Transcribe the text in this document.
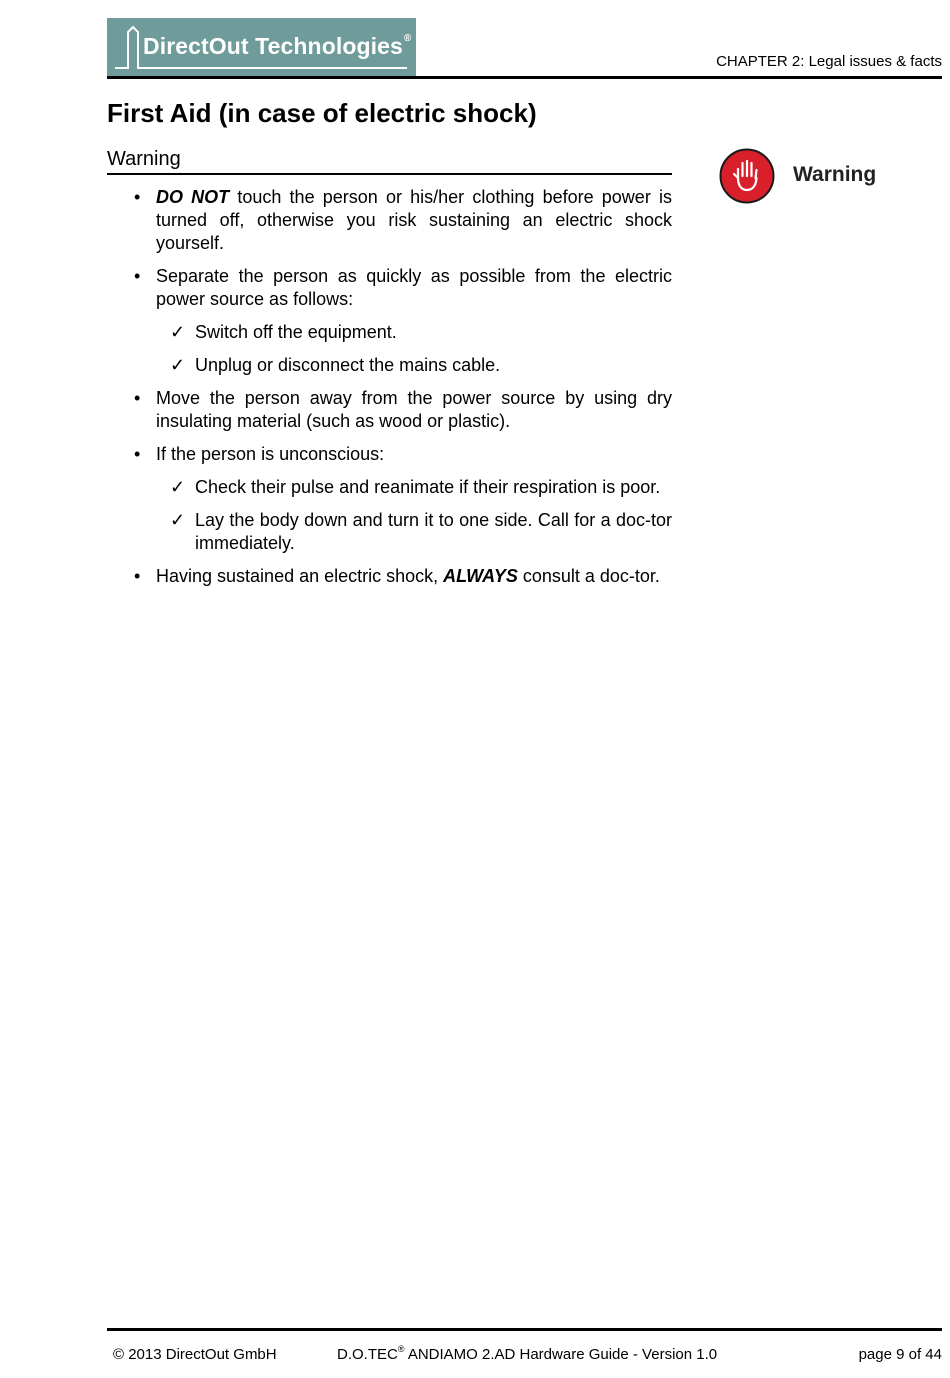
DirectOut Technologies®
CHAPTER 2: Legal issues & facts
First Aid (in case of electric shock)
Warning
Warning
• DO NOT touch the person or his/her clothing before power is turned off, otherwise you risk sustaining an electric shock yourself.
• Separate the person as quickly as possible from the electric power source as follows:
✓ Switch off the equipment.
✓ Unplug or disconnect the mains cable.
• Move the person away from the power source by using dry insulating material (such as wood or plastic).
• If the person is unconscious:
✓ Check their pulse and reanimate if their respiration is poor.
✓ Lay the body down and turn it to one side. Call for a doc-tor immediately.
• Having sustained an electric shock, ALWAYS consult a doc-tor.
© 2013 DirectOut GmbH	D.O.TEC® ANDIAMO 2.AD Hardware Guide - Version 1.0	page 9 of 44
